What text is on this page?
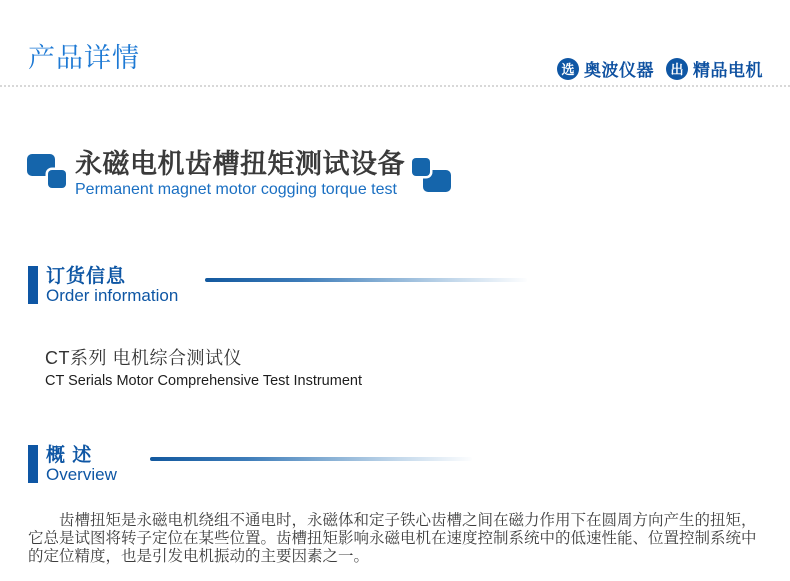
产品详情	选 奥波仪器	出 精品电机
永磁电机齿槽扭矩测试设备
Permanent magnet motor cogging torque test
订货信息
Order information
CT系列 电机综合测试仪
CT Serials Motor Comprehensive Test Instrument
概 述
Overview

齿槽扭矩是永磁电机绕组不通电时，永磁体和定子铁心齿槽之间在磁力作用下在圆周方向产生的扭矩，它总是试图将转子定位在某些位置。齿槽扭矩影响永磁电机在速度控制系统中的低速性能、位置控制系统中的定位精度，也是引发电机振动的主要因素之一。
